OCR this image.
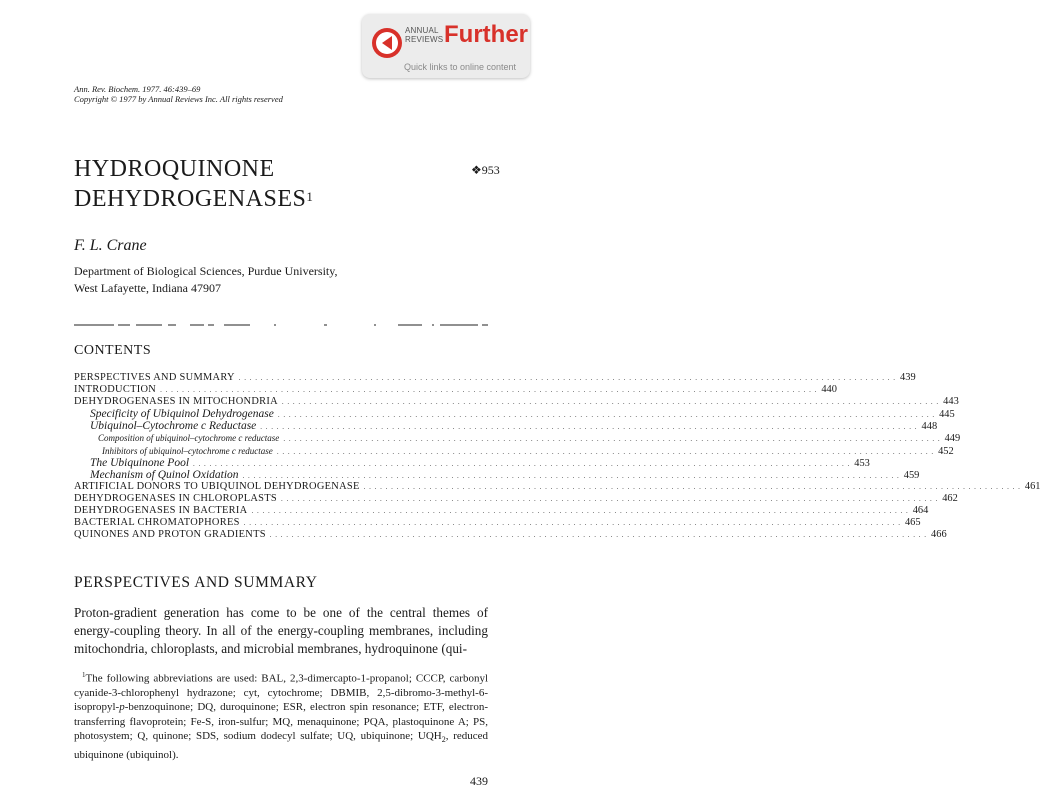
ANNUAL
REVIEWS Further
Quick links to online content
Ann. Rev. Biochem. 1977. 46:439–69
Copyright © 1977 by Annual Reviews Inc. All rights reserved
HYDROQUINONE
DEHYDROGENASES$^1$
❖953
F. L. Crane
Department of Biological Sciences, Purdue University,
West Lafayette, Indiana 47907
CONTENTS
PERSPECTIVES AND SUMMARY . . . . . . . . . . . . . . . . . . . . . . . . . . . . . . . . . . . . . . . . . . . . . . . . . . . . . . . . . . . . . . . . . . . . . . . . . . . . . . . . . . . . . . . . . . . . . . . . . . . . . . . . . . . . . . . . . . . . . . . . 439
INTRODUCTION . . . . . . . . . . . . . . . . . . . . . . . . . . . . . . . . . . . . . . . . . . . . . . . . . . . . . . . . . . . . . . . . . . . . . . . . . . . . . . . . . . . . . . . . . . . . . . . . . . . . . . . . . . . . . . . . . . . . . . . . 440
DEHYDROGENASES IN MITOCHONDRIA . . . . . . . . . . . . . . . . . . . . . . . . . . . . . . . . . . . . . . . . . . . . . . . . . . . . . . . . . . . . . . . . . . . . . . . . . . . . . . . . . . . . . . . . . . . . . . . . . . . . . . . . . . . . . . . . . . . . . . . . 443
Specificity of Ubiquinol Dehydrogenase . . . . . . . . . . . . . . . . . . . . . . . . . . . . . . . . . . . . . . . . . . . . . . . . . . . . . . . . . . . . . . . . . . . . . . . . . . . . . . . . . . . . . . . . . . . . . . . . . . . . . . . . . . . . . . . . . . . . . . . . 445
Ubiquinol–Cytochrome c Reductase . . . . . . . . . . . . . . . . . . . . . . . . . . . . . . . . . . . . . . . . . . . . . . . . . . . . . . . . . . . . . . . . . . . . . . . . . . . . . . . . . . . . . . . . . . . . . . . . . . . . . . . . . . . . . . . . . . . . . . . . 448
Composition of ubiquinol–cytochrome c reductase . . . . . . . . . . . . . . . . . . . . . . . . . . . . . . . . . . . . . . . . . . . . . . . . . . . . . . . . . . . . . . . . . . . . . . . . . . . . . . . . . . . . . . . . . . . . . . . . . . . . . . . . . . . . . . . . . . . . . . . . 449
Inhibitors of ubiquinol–cytochrome c reductase . . . . . . . . . . . . . . . . . . . . . . . . . . . . . . . . . . . . . . . . . . . . . . . . . . . . . . . . . . . . . . . . . . . . . . . . . . . . . . . . . . . . . . . . . . . . . . . . . . . . . . . . . . . . . . . . . . . . . . . . 452
The Ubiquinone Pool . . . . . . . . . . . . . . . . . . . . . . . . . . . . . . . . . . . . . . . . . . . . . . . . . . . . . . . . . . . . . . . . . . . . . . . . . . . . . . . . . . . . . . . . . . . . . . . . . . . . . . . . . . . . . . . . . . . . . . . . 453
Mechanism of Quinol Oxidation . . . . . . . . . . . . . . . . . . . . . . . . . . . . . . . . . . . . . . . . . . . . . . . . . . . . . . . . . . . . . . . . . . . . . . . . . . . . . . . . . . . . . . . . . . . . . . . . . . . . . . . . . . . . . . . . . . . . . . . . 459
ARTIFICIAL DONORS TO UBIQUINOL DEHYDROGENASE . . . . . . . . . . . . . . . . . . . . . . . . . . . . . . . . . . . . . . . . . . . . . . . . . . . . . . . . . . . . . . . . . . . . . . . . . . . . . . . . . . . . . . . . . . . . . . . . . . . . . . . . . . . . . . . . . . . . . . . . 461
DEHYDROGENASES IN CHLOROPLASTS . . . . . . . . . . . . . . . . . . . . . . . . . . . . . . . . . . . . . . . . . . . . . . . . . . . . . . . . . . . . . . . . . . . . . . . . . . . . . . . . . . . . . . . . . . . . . . . . . . . . . . . . . . . . . . . . . . . . . . . . 462
DEHYDROGENASES IN BACTERIA . . . . . . . . . . . . . . . . . . . . . . . . . . . . . . . . . . . . . . . . . . . . . . . . . . . . . . . . . . . . . . . . . . . . . . . . . . . . . . . . . . . . . . . . . . . . . . . . . . . . . . . . . . . . . . . . . . . . . . . . 464
BACTERIAL CHROMATOPHORES . . . . . . . . . . . . . . . . . . . . . . . . . . . . . . . . . . . . . . . . . . . . . . . . . . . . . . . . . . . . . . . . . . . . . . . . . . . . . . . . . . . . . . . . . . . . . . . . . . . . . . . . . . . . . . . . . . . . . . . . 465
QUINONES AND PROTON GRADIENTS . . . . . . . . . . . . . . . . . . . . . . . . . . . . . . . . . . . . . . . . . . . . . . . . . . . . . . . . . . . . . . . . . . . . . . . . . . . . . . . . . . . . . . . . . . . . . . . . . . . . . . . . . . . . . . . . . . . . . . . . 466
PERSPECTIVES AND SUMMARY
Proton-gradient generation has come to be one of the central themes of energy-coupling theory. In all of the energy-coupling membranes, including mitochondria, chloroplasts, and microbial membranes, hydroquinone (qui-
$^1$The following abbreviations are used: BAL, 2,3-dimercapto-1-propanol; CCCP, carbonyl cyanide-3-chlorophenyl hydrazone; cyt, cytochrome; DBMIB, 2,5-dibromo-3-methyl-6-isopropyl-p-benzoquinone; DQ, duroquinone; ESR, electron spin resonance; ETF, electron-transferring flavoprotein; Fe-S, iron-sulfur; MQ, menaquinone; PQA, plastoquinone A; PS, photosystem; Q, quinone; SDS, sodium dodecyl sulfate; UQ, ubiquinone; $UQH_2$, reduced ubiquinone (ubiquinol).
439
